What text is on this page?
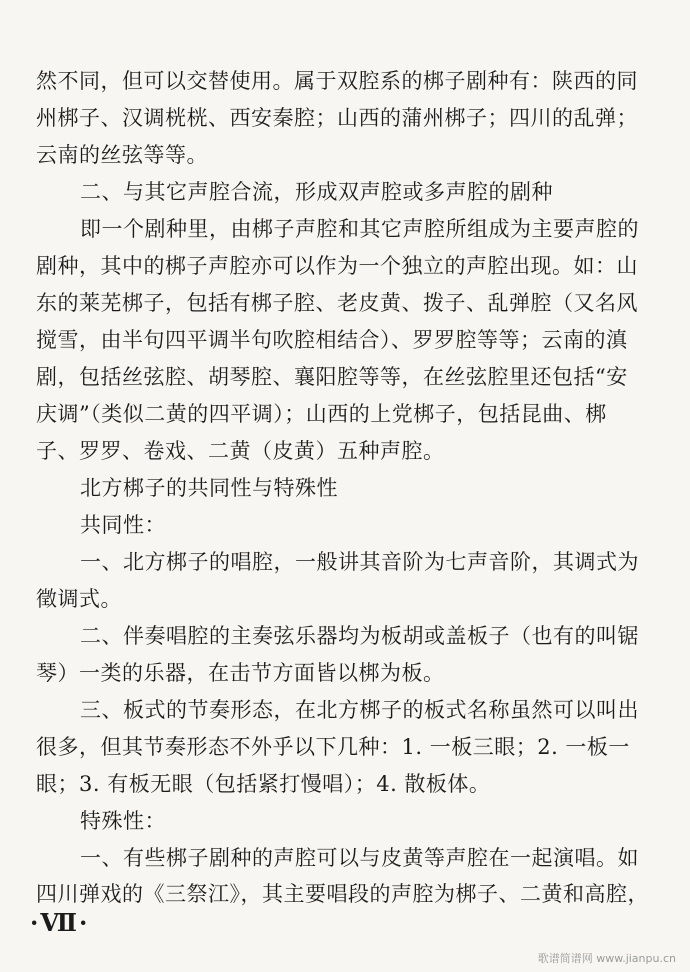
然不同，但可以交替使用。属于双腔系的梆子剧种有：陕西的同
州梆子、汉调桄桄、西安秦腔；山西的蒲州梆子；四川的乱弹；
云南的丝弦等等。
二、与其它声腔合流，形成双声腔或多声腔的剧种
即一个剧种里，由梆子声腔和其它声腔所组成为主要声腔的
剧种，其中的梆子声腔亦可以作为一个独立的声腔出现。如：山
东的莱芜梆子，包括有梆子腔、老皮黄、拨子、乱弹腔（又名风
搅雪，由半句四平调半句吹腔相结合）、罗罗腔等等；云南的滇
剧，包括丝弦腔、胡琴腔、襄阳腔等等，在丝弦腔里还包括“安
庆调”（类似二黄的四平调）；山西的上党梆子，包括昆曲、梆
子、罗罗、卷戏、二黄（皮黄）五种声腔。
北方梆子的共同性与特殊性
共同性：
一、北方梆子的唱腔，一般讲其音阶为七声音阶，其调式为
徵调式。
二、伴奏唱腔的主奏弦乐器均为板胡或盖板子（也有的叫锯
琴）一类的乐器，在击节方面皆以梆为板。
三、板式的节奏形态，在北方梆子的板式名称虽然可以叫出
很多，但其节奏形态不外乎以下几种：1. 一板三眼；2. 一板一
眼；3. 有板无眼（包括紧打慢唱）；4. 散板体。
特殊性：
一、有些梆子剧种的声腔可以与皮黄等声腔在一起演唱。如
四川弹戏的《三祭江》，其主要唱段的声腔为梆子、二黄和高腔，
·Ⅶ·
歌谱简谱网 www.jianpu.cn
